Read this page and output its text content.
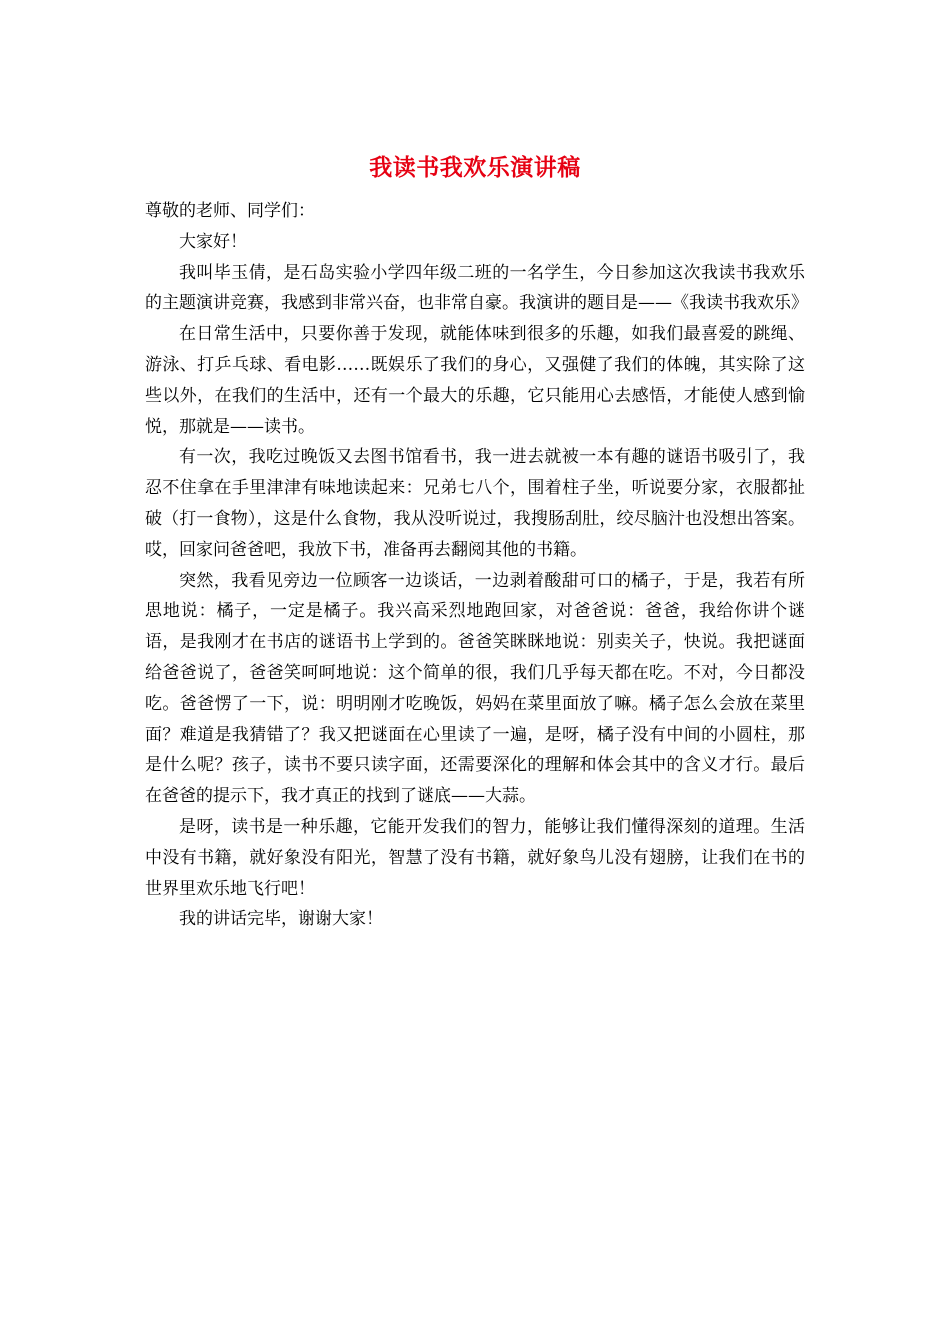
我读书我欢乐演讲稿

尊敬的老师、同学们：

大家好！

我叫毕玉倩，是石岛实验小学四年级二班的一名学生，今日参加这次我读书我欢乐的主题演讲竞赛，我感到非常兴奋，也非常自豪。我演讲的题目是——《我读书我欢乐》

在日常生活中，只要你善于发现，就能体味到很多的乐趣，如我们最喜爱的跳绳、游泳、打乒乓球、看电影……既娱乐了我们的身心，又强健了我们的体魄，其实除了这些以外，在我们的生活中，还有一个最大的乐趣，它只能用心去感悟，才能使人感到愉悦，那就是——读书。

有一次，我吃过晚饭又去图书馆看书，我一进去就被一本有趣的谜语书吸引了，我忍不住拿在手里津津有味地读起来：兄弟七八个，围着柱子坐，听说要分家，衣服都扯破（打一食物），这是什么食物，我从没听说过，我搜肠刮肚，绞尽脑汁也没想出答案。哎，回家问爸爸吧，我放下书，准备再去翻阅其他的书籍。

突然，我看见旁边一位顾客一边谈话，一边剥着酸甜可口的橘子，于是，我若有所思地说：橘子，一定是橘子。我兴高采烈地跑回家，对爸爸说：爸爸，我给你讲个谜语，是我刚才在书店的谜语书上学到的。爸爸笑眯眯地说：别卖关子，快说。我把谜面给爸爸说了，爸爸笑呵呵地说：这个简单的很，我们几乎每天都在吃。不对，今日都没吃。爸爸愣了一下，说：明明刚才吃晚饭，妈妈在菜里面放了嘛。橘子怎么会放在菜里面？难道是我猜错了？我又把谜面在心里读了一遍，是呀，橘子没有中间的小圆柱，那是什么呢？孩子，读书不要只读字面，还需要深化的理解和体会其中的含义才行。最后在爸爸的提示下，我才真正的找到了谜底——大蒜。

是呀，读书是一种乐趣，它能开发我们的智力，能够让我们懂得深刻的道理。生活中没有书籍，就好象没有阳光，智慧了没有书籍，就好象鸟儿没有翅膀，让我们在书的世界里欢乐地飞行吧！

我的讲话完毕，谢谢大家！
